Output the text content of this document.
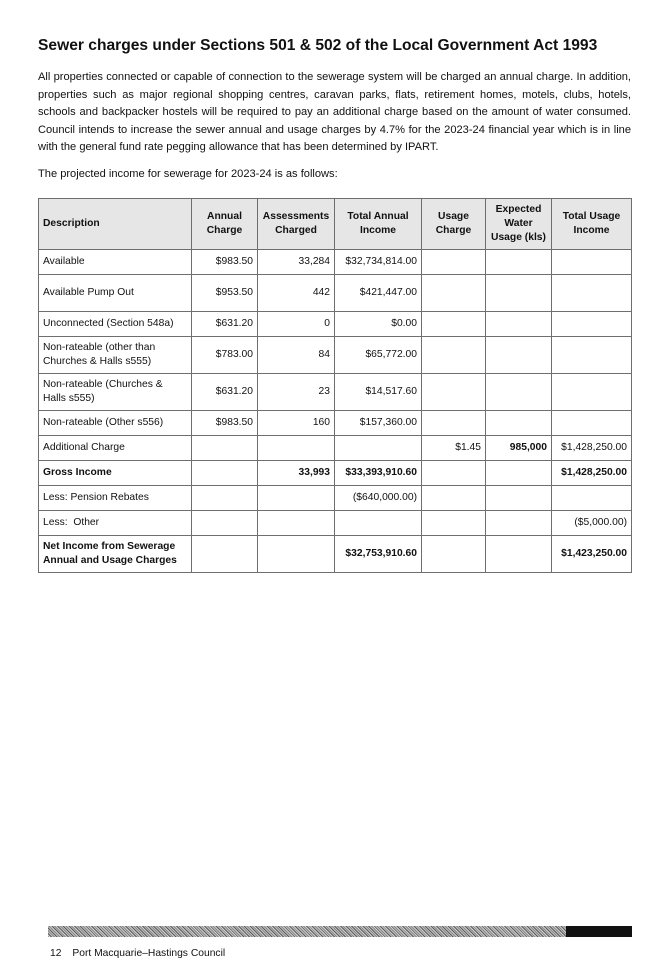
Sewer charges under Sections 501 & 502 of the Local Government Act 1993

All properties connected or capable of connection to the sewerage system will be charged an annual charge. In addition, properties such as major regional shopping centres, caravan parks, flats, retirement homes, motels, clubs, hotels, schools and backpacker hostels will be required to pay an additional charge based on the amount of water consumed. Council intends to increase the sewer annual and usage charges by 4.7% for the 2023-24 financial year which is in line with the general fund rate pegging allowance that has been determined by IPART.

The projected income for sewerage for 2023-24 is as follows:

Description	Annual Charge	Assessments Charged	Total Annual Income	Usage Charge	Expected Water Usage (kls)	Total Usage Income
Available	$983.50	33,284	$32,734,814.00			
Available Pump Out	$953.50	442	$421,447.00			
Unconnected (Section 548a)	$631.20	0	$0.00			
Non-rateable (other than Churches & Halls s555)	$783.00	84	$65,772.00			
Non-rateable (Churches & Halls s555)	$631.20	23	$14,517.60			
Non-rateable (Other s556)	$983.50	160	$157,360.00			
Additional Charge				$1.45	985,000	$1,428,250.00
Gross Income		33,993	$33,393,910.60			$1,428,250.00
Less: Pension Rebates			($640,000.00)			
Less:  Other						($5,000.00)
Net Income from Sewerage Annual and Usage Charges			$32,753,910.60			$1,423,250.00
12 Port Macquarie–Hastings Council
